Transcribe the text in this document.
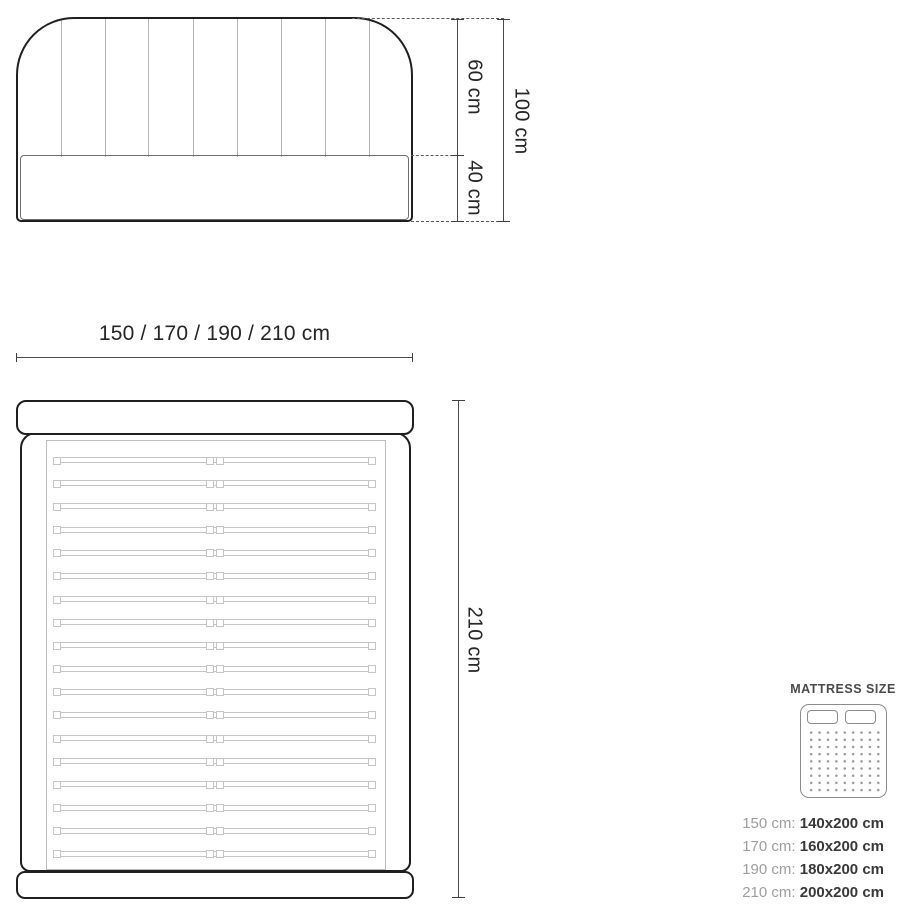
60 cm
40 cm
100 cm
150 / 170 / 190 / 210 cm
210 cm
MATTRESS SIZE
150 cm: 140x200 cm
170 cm: 160x200 cm
190 cm: 180x200 cm
210 cm: 200x200 cm
